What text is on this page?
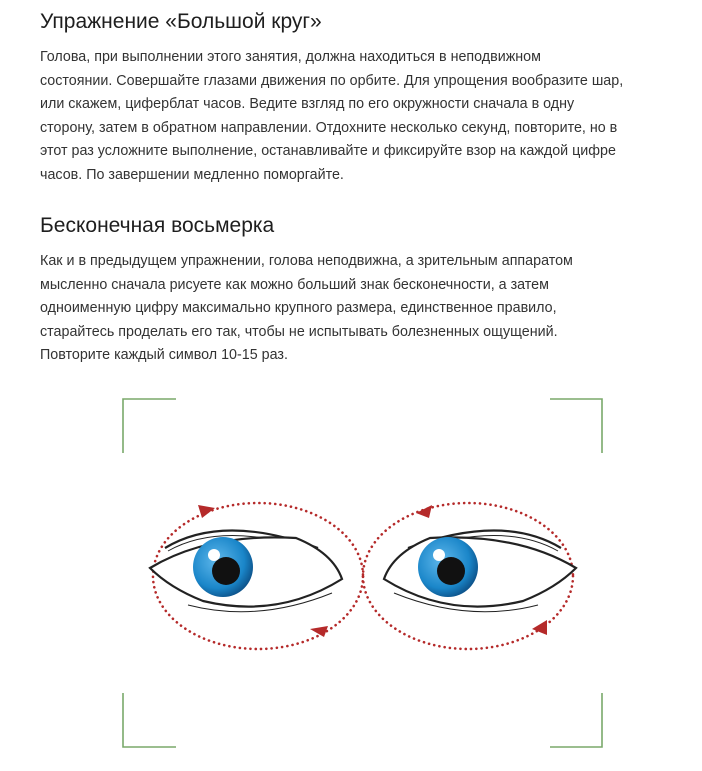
Упражнение «Большой круг»

Голова, при выполнении этого занятия, должна находиться в неподвижном
состоянии. Совершайте глазами движения по орбите. Для упрощения вообразите шар,
или скажем, циферблат часов. Ведите взгляд по его окружности сначала в одну
сторону, затем в обратном направлении. Отдохните несколько секунд, повторите, но в
этот раз усложните выполнение, останавливайте и фиксируйте взор на каждой цифре
часов. По завершении медленно поморгайте.

Бесконечная восьмерка

Как и в предыдущем упражнении, голова неподвижна, а зрительным аппаратом
мысленно сначала рисуете как можно больший знак бесконечности, а затем
одноименную цифру максимально крупного размера, единственное правило,
старайтесь проделать его так, чтобы не испытывать болезненных ощущений.
Повторите каждый символ 10-15 раз.
